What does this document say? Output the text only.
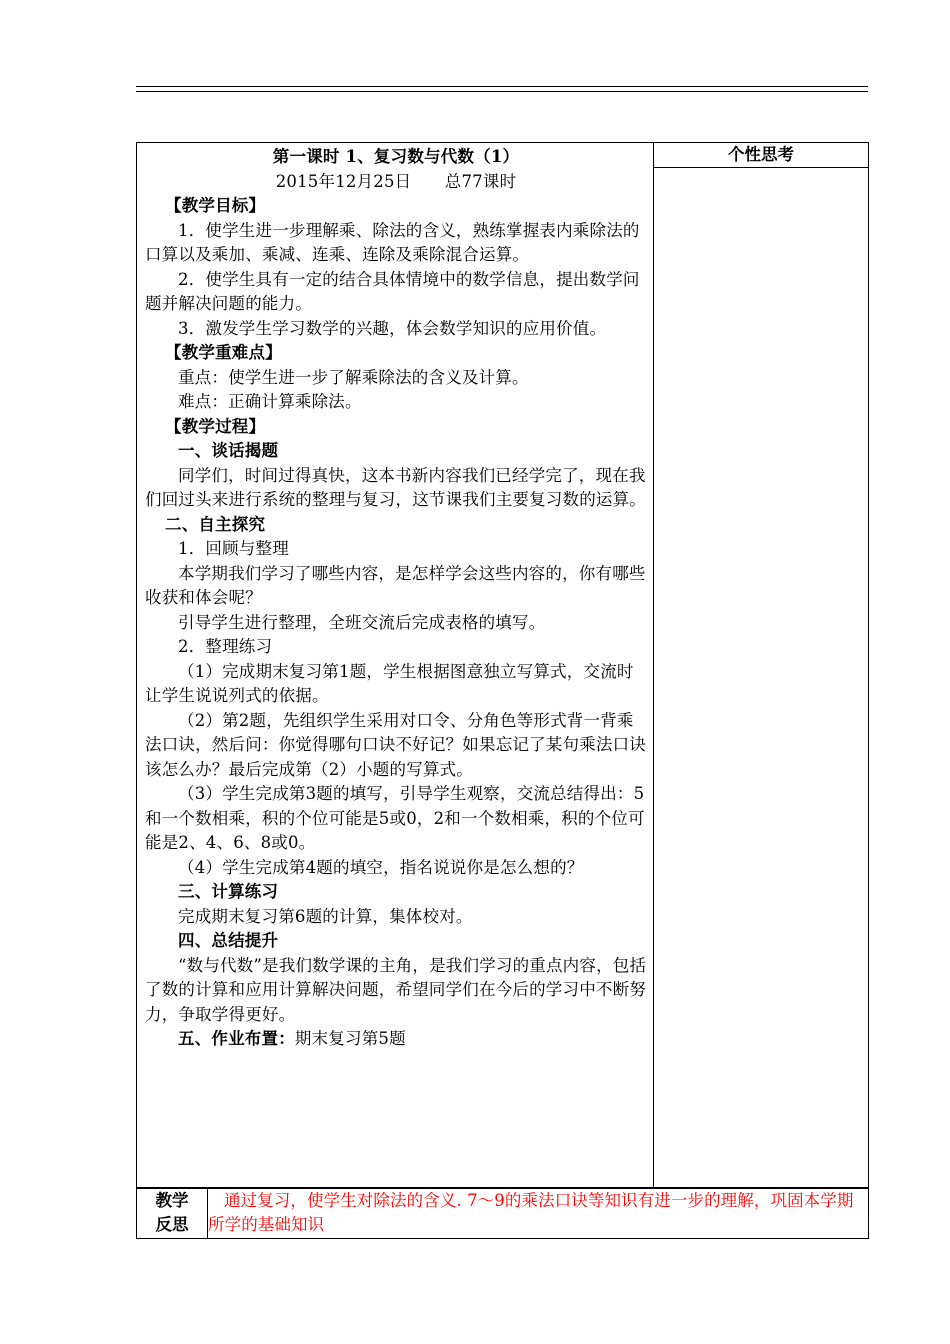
第一课时 1、复习数与代数（1）

2015年12月25日　　总77课时

【教学目标】

1．使学生进一步理解乘、除法的含义，熟练掌握表内乘除法的口算以及乘加、乘减、连乘、连除及乘除混合运算。

2．使学生具有一定的结合具体情境中的数学信息，提出数学问题并解决问题的能力。

3．激发学生学习数学的兴趣，体会数学知识的应用价值。

【教学重难点】

重点：使学生进一步了解乘除法的含义及计算。

难点：正确计算乘除法。

【教学过程】

一、谈话揭题

同学们，时间过得真快，这本书新内容我们已经学完了，现在我们回过头来进行系统的整理与复习，这节课我们主要复习数的运算。

二、自主探究

1．回顾与整理

本学期我们学习了哪些内容，是怎样学会这些内容的，你有哪些收获和体会呢？

引导学生进行整理，全班交流后完成表格的填写。

2．整理练习

（1）完成期末复习第1题，学生根据图意独立写算式，交流时让学生说说列式的依据。

（2）第2题，先组织学生采用对口令、分角色等形式背一背乘法口诀，然后问：你觉得哪句口诀不好记？如果忘记了某句乘法口诀该怎么办？最后完成第（2）小题的写算式。

（3）学生完成第3题的填写，引导学生观察，交流总结得出：5和一个数相乘，积的个位可能是5或0，2和一个数相乘，积的个位可能是2、4、6、8或0。

（4）学生完成第4题的填空，指名说说你是怎么想的？

三、计算练习

完成期末复习第6题的计算，集体校对。

四、总结提升

“数与代数”是我们数学课的主角，是我们学习的重点内容，包括了数的计算和应用计算解决问题，希望同学们在今后的学习中不断努力，争取学得更好。

五、作业布置：期末复习第5题

	个性思考

教学
反思
	通过复习，使学生对除法的含义. 7～9的乘法口诀等知识有进一步的理解，巩固本学期所学的基础知识
